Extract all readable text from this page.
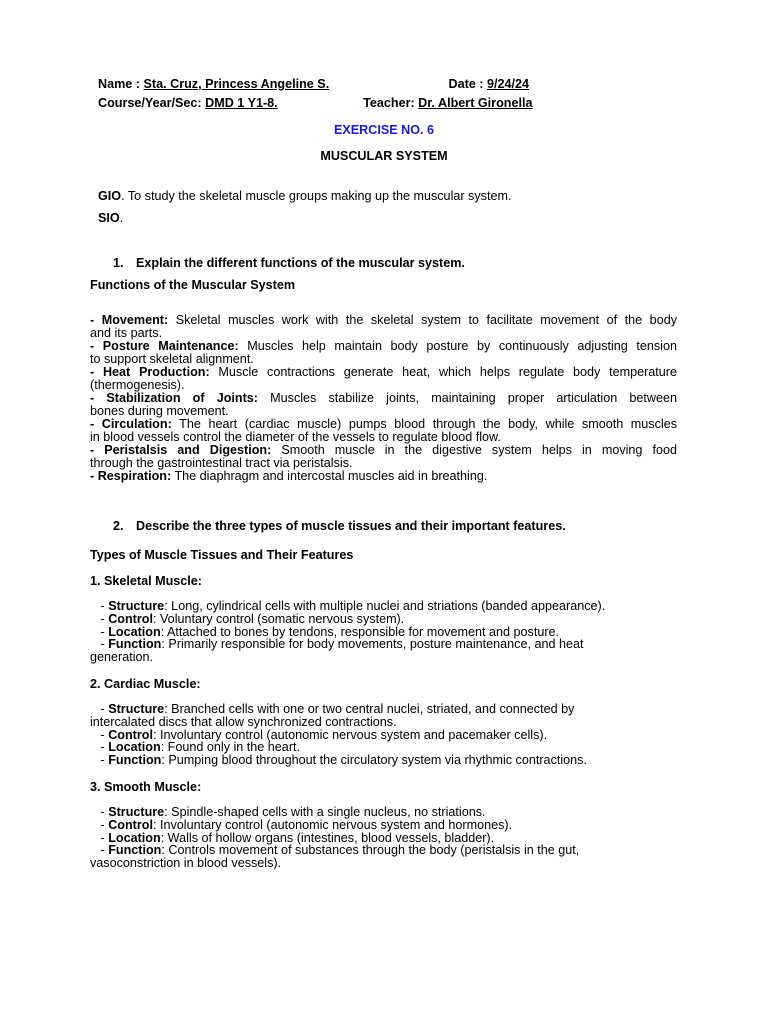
Name : Sta. Cruz, Princess Angeline S.	Date : 9/24/24
Course/Year/Sec: DMD 1 Y1-8.	Teacher: Dr. Albert Gironella
EXERCISE NO. 6
MUSCULAR SYSTEM
GIO. To study the skeletal muscle groups making up the muscular system.
SIO.
1. Explain the different functions of the muscular system.
Functions of the Muscular System
- Movement: Skeletal muscles work with the skeletal system to facilitate movement of the body
and its parts.
- Posture Maintenance: Muscles help maintain body posture by continuously adjusting tension
to support skeletal alignment.
- Heat Production: Muscle contractions generate heat, which helps regulate body temperature
(thermogenesis).
- Stabilization of Joints: Muscles stabilize joints, maintaining proper articulation between
bones during movement.
- Circulation: The heart (cardiac muscle) pumps blood through the body, while smooth muscles
in blood vessels control the diameter of the vessels to regulate blood flow.
- Peristalsis and Digestion: Smooth muscle in the digestive system helps in moving food
through the gastrointestinal tract via peristalsis.
- Respiration: The diaphragm and intercostal muscles aid in breathing.
2. Describe the three types of muscle tissues and their important features.
Types of Muscle Tissues and Their Features
1. Skeletal Muscle:
- Structure: Long, cylindrical cells with multiple nuclei and striations (banded appearance).
- Control: Voluntary control (somatic nervous system).
- Location: Attached to bones by tendons, responsible for movement and posture.
- Function: Primarily responsible for body movements, posture maintenance, and heat
generation.
2. Cardiac Muscle:
- Structure: Branched cells with one or two central nuclei, striated, and connected by
intercalated discs that allow synchronized contractions.
- Control: Involuntary control (autonomic nervous system and pacemaker cells).
- Location: Found only in the heart.
- Function: Pumping blood throughout the circulatory system via rhythmic contractions.
3. Smooth Muscle:
- Structure: Spindle-shaped cells with a single nucleus, no striations.
- Control: Involuntary control (autonomic nervous system and hormones).
- Location: Walls of hollow organs (intestines, blood vessels, bladder).
- Function: Controls movement of substances through the body (peristalsis in the gut,
vasoconstriction in blood vessels).
